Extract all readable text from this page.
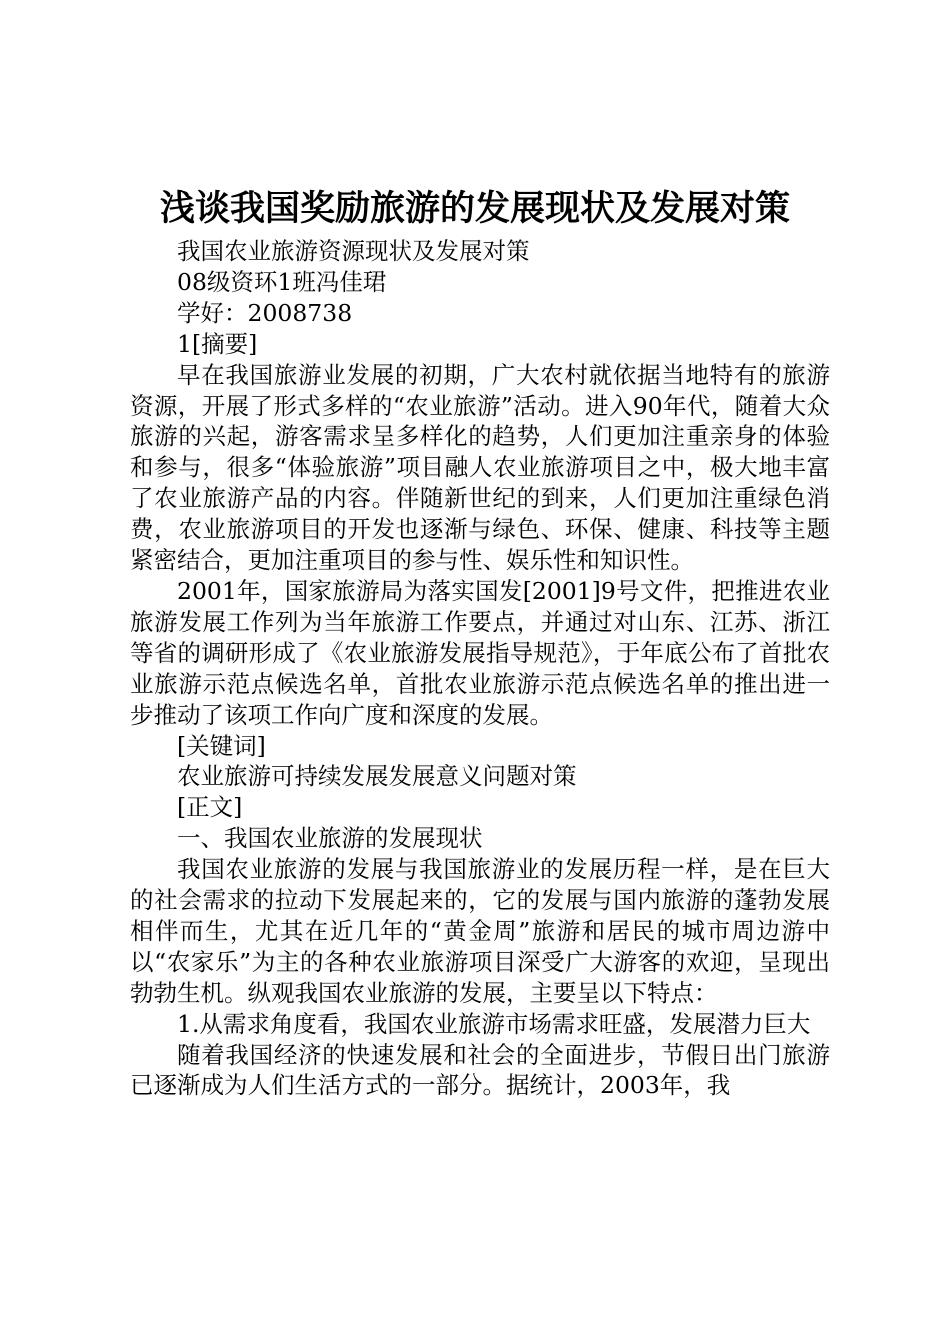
浅谈我国奖励旅游的发展现状及发展对策

我国农业旅游资源现状及发展对策

08级资环1班冯佳珺

学好：2008738

1[摘要]

早在我国旅游业发展的初期，广大农村就依据当地特有的旅游资源，开展了形式多样的“农业旅游”活动。进入90年代，随着大众旅游的兴起，游客需求呈多样化的趋势，人们更加注重亲身的体验和参与，很多“体验旅游”项目融人农业旅游项目之中，极大地丰富了农业旅游产品的内容。伴随新世纪的到来，人们更加注重绿色消费，农业旅游项目的开发也逐渐与绿色、环保、健康、科技等主题紧密结合，更加注重项目的参与性、娱乐性和知识性。

2001年，国家旅游局为落实国发[2001]9号文件，把推进农业旅游发展工作列为当年旅游工作要点，并通过对山东、江苏、浙江等省的调研形成了《农业旅游发展指导规范》，于年底公布了首批农业旅游示范点候选名单，首批农业旅游示范点候选名单的推出进一步推动了该项工作向广度和深度的发展。

[关键词]

农业旅游可持续发展发展意义问题对策

[正文]

一、我国农业旅游的发展现状

我国农业旅游的发展与我国旅游业的发展历程一样，是在巨大的社会需求的拉动下发展起来的，它的发展与国内旅游的蓬勃发展相伴而生，尤其在近几年的“黄金周”旅游和居民的城市周边游中以“农家乐”为主的各种农业旅游项目深受广大游客的欢迎，呈现出勃勃生机。纵观我国农业旅游的发展，主要呈以下特点：

1.从需求角度看，我国农业旅游市场需求旺盛，发展潜力巨大

随着我国经济的快速发展和社会的全面进步，节假日出门旅游已逐渐成为人们生活方式的一部分。据统计，2003年，我
